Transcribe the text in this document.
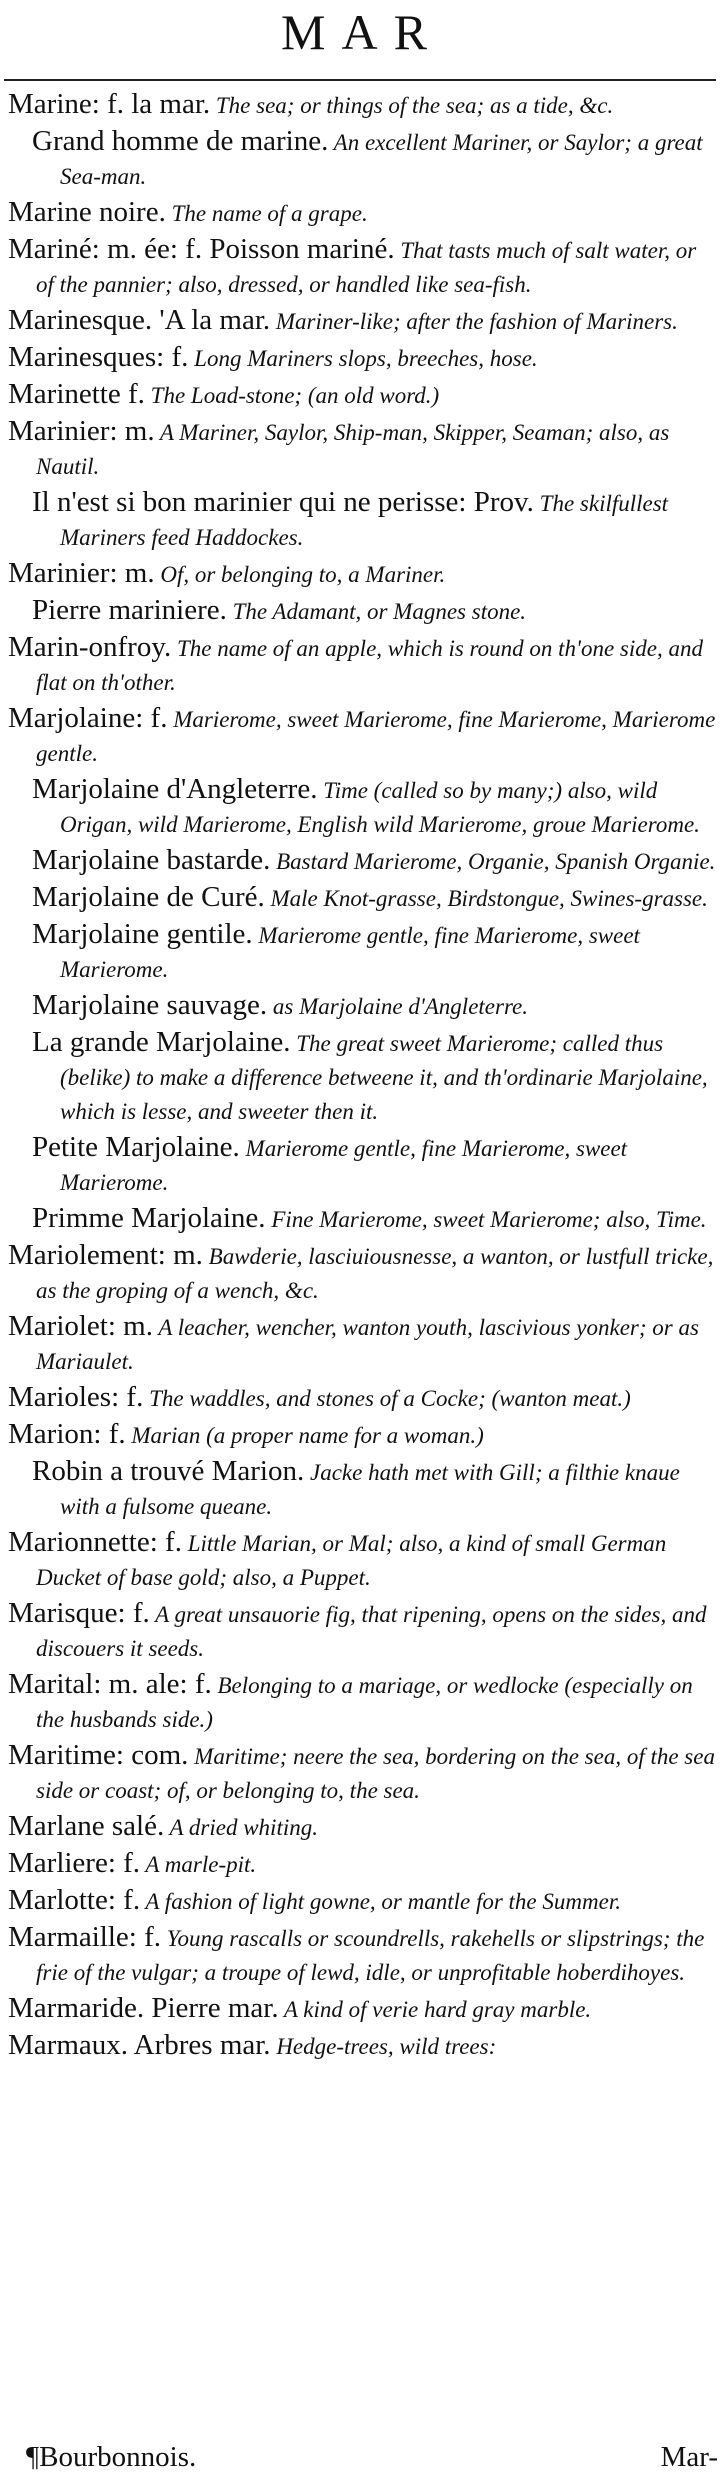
MAR
Marine: f. la mar. The sea; or things of the sea; as a tide, &c.
Grand homme de marine. An excellent Mariner, or Saylor; a great Sea-man.
Marine noire. The name of a grape.
Mariné: m. ée: f. Poisson mariné. That tasts much of salt water, or of the pannier; also, dressed, or handled like sea-fish.
Marinesque. 'A la mar. Mariner-like; after the fashion of Mariners.
Marinesques: f. Long Mariners slops, breeches, hose.
Marinette f. The Load-stone; (an old word.)
Marinier: m. A Mariner, Saylor, Ship-man, Skipper, Seaman; also, as Nautil.
Il n'est si bon marinier qui ne perisse: Prov. The skilfullest Mariners feed Haddockes.
Marinier: m. Of, or belonging to, a Mariner.
Pierre mariniere. The Adamant, or Magnes stone.
Marin-onfroy. The name of an apple, which is round on th'one side, and flat on th'other.
Marjolaine: f. Marierome, sweet Marierome, fine Marierome, Marierome gentle.
Marjolaine d'Angleterre. Time (called so by many;) also, wild Origan, wild Marierome, English wild Marierome, groue Marierome.
Marjolaine bastarde. Bastard Marierome, Organie, Spanish Organie.
Marjolaine de Curé. Male Knot-grasse, Birdstongue, Swines-grasse.
Marjolaine gentile. Marierome gentle, fine Marierome, sweet Marierome.
Marjolaine sauvage. as Marjolaine d'Angleterre.
La grande Marjolaine. The great sweet Marierome; called thus (belike) to make a difference betweene it, and th'ordinarie Marjolaine, which is lesse, and sweeter then it.
Petite Marjolaine. Marierome gentle, fine Marierome, sweet Marierome.
Primme Marjolaine. Fine Marierome, sweet Marierome; also, Time.
Mariolement: m. Bawderie, lasciuiousnesse, a wanton, or lustfull tricke, as the groping of a wench, &c.
Mariolet: m. A leacher, wencher, wanton youth, lascivious yonker; or as Mariaulet.
Marioles: f. The waddles, and stones of a Cocke; (wanton meat.)
Marion: f. Marian (a proper name for a woman.)
Robin a trouvé Marion. Jacke hath met with Gill; a filthie knaue with a fulsome queane.
Marionnette: f. Little Marian, or Mal; also, a kind of small German Ducket of base gold; also, a Puppet.
Marisque: f. A great unsauorie fig, that ripening, opens on the sides, and discouers it seeds.
Marital: m. ale: f. Belonging to a mariage, or wedlocke (especially on the husbands side.)
Maritime: com. Maritime; neere the sea, bordering on the sea, of the sea side or coast; of, or belonging to, the sea.
Marlane salé. A dried whiting.
Marliere: f. A marle-pit.
Marlotte: f. A fashion of light gowne, or mantle for the Summer.
Marmaille: f. Young rascalls or scoundrells, rakehells or slipstrings; the frie of the vulgar; a troupe of lewd, idle, or unprofitable hoberdihoyes.
Marmaride. Pierre mar. A kind of verie hard gray marble.
Marmaux. Arbres mar. Hedge-trees, wild trees:
¶Bourbonnois.	Mar-
